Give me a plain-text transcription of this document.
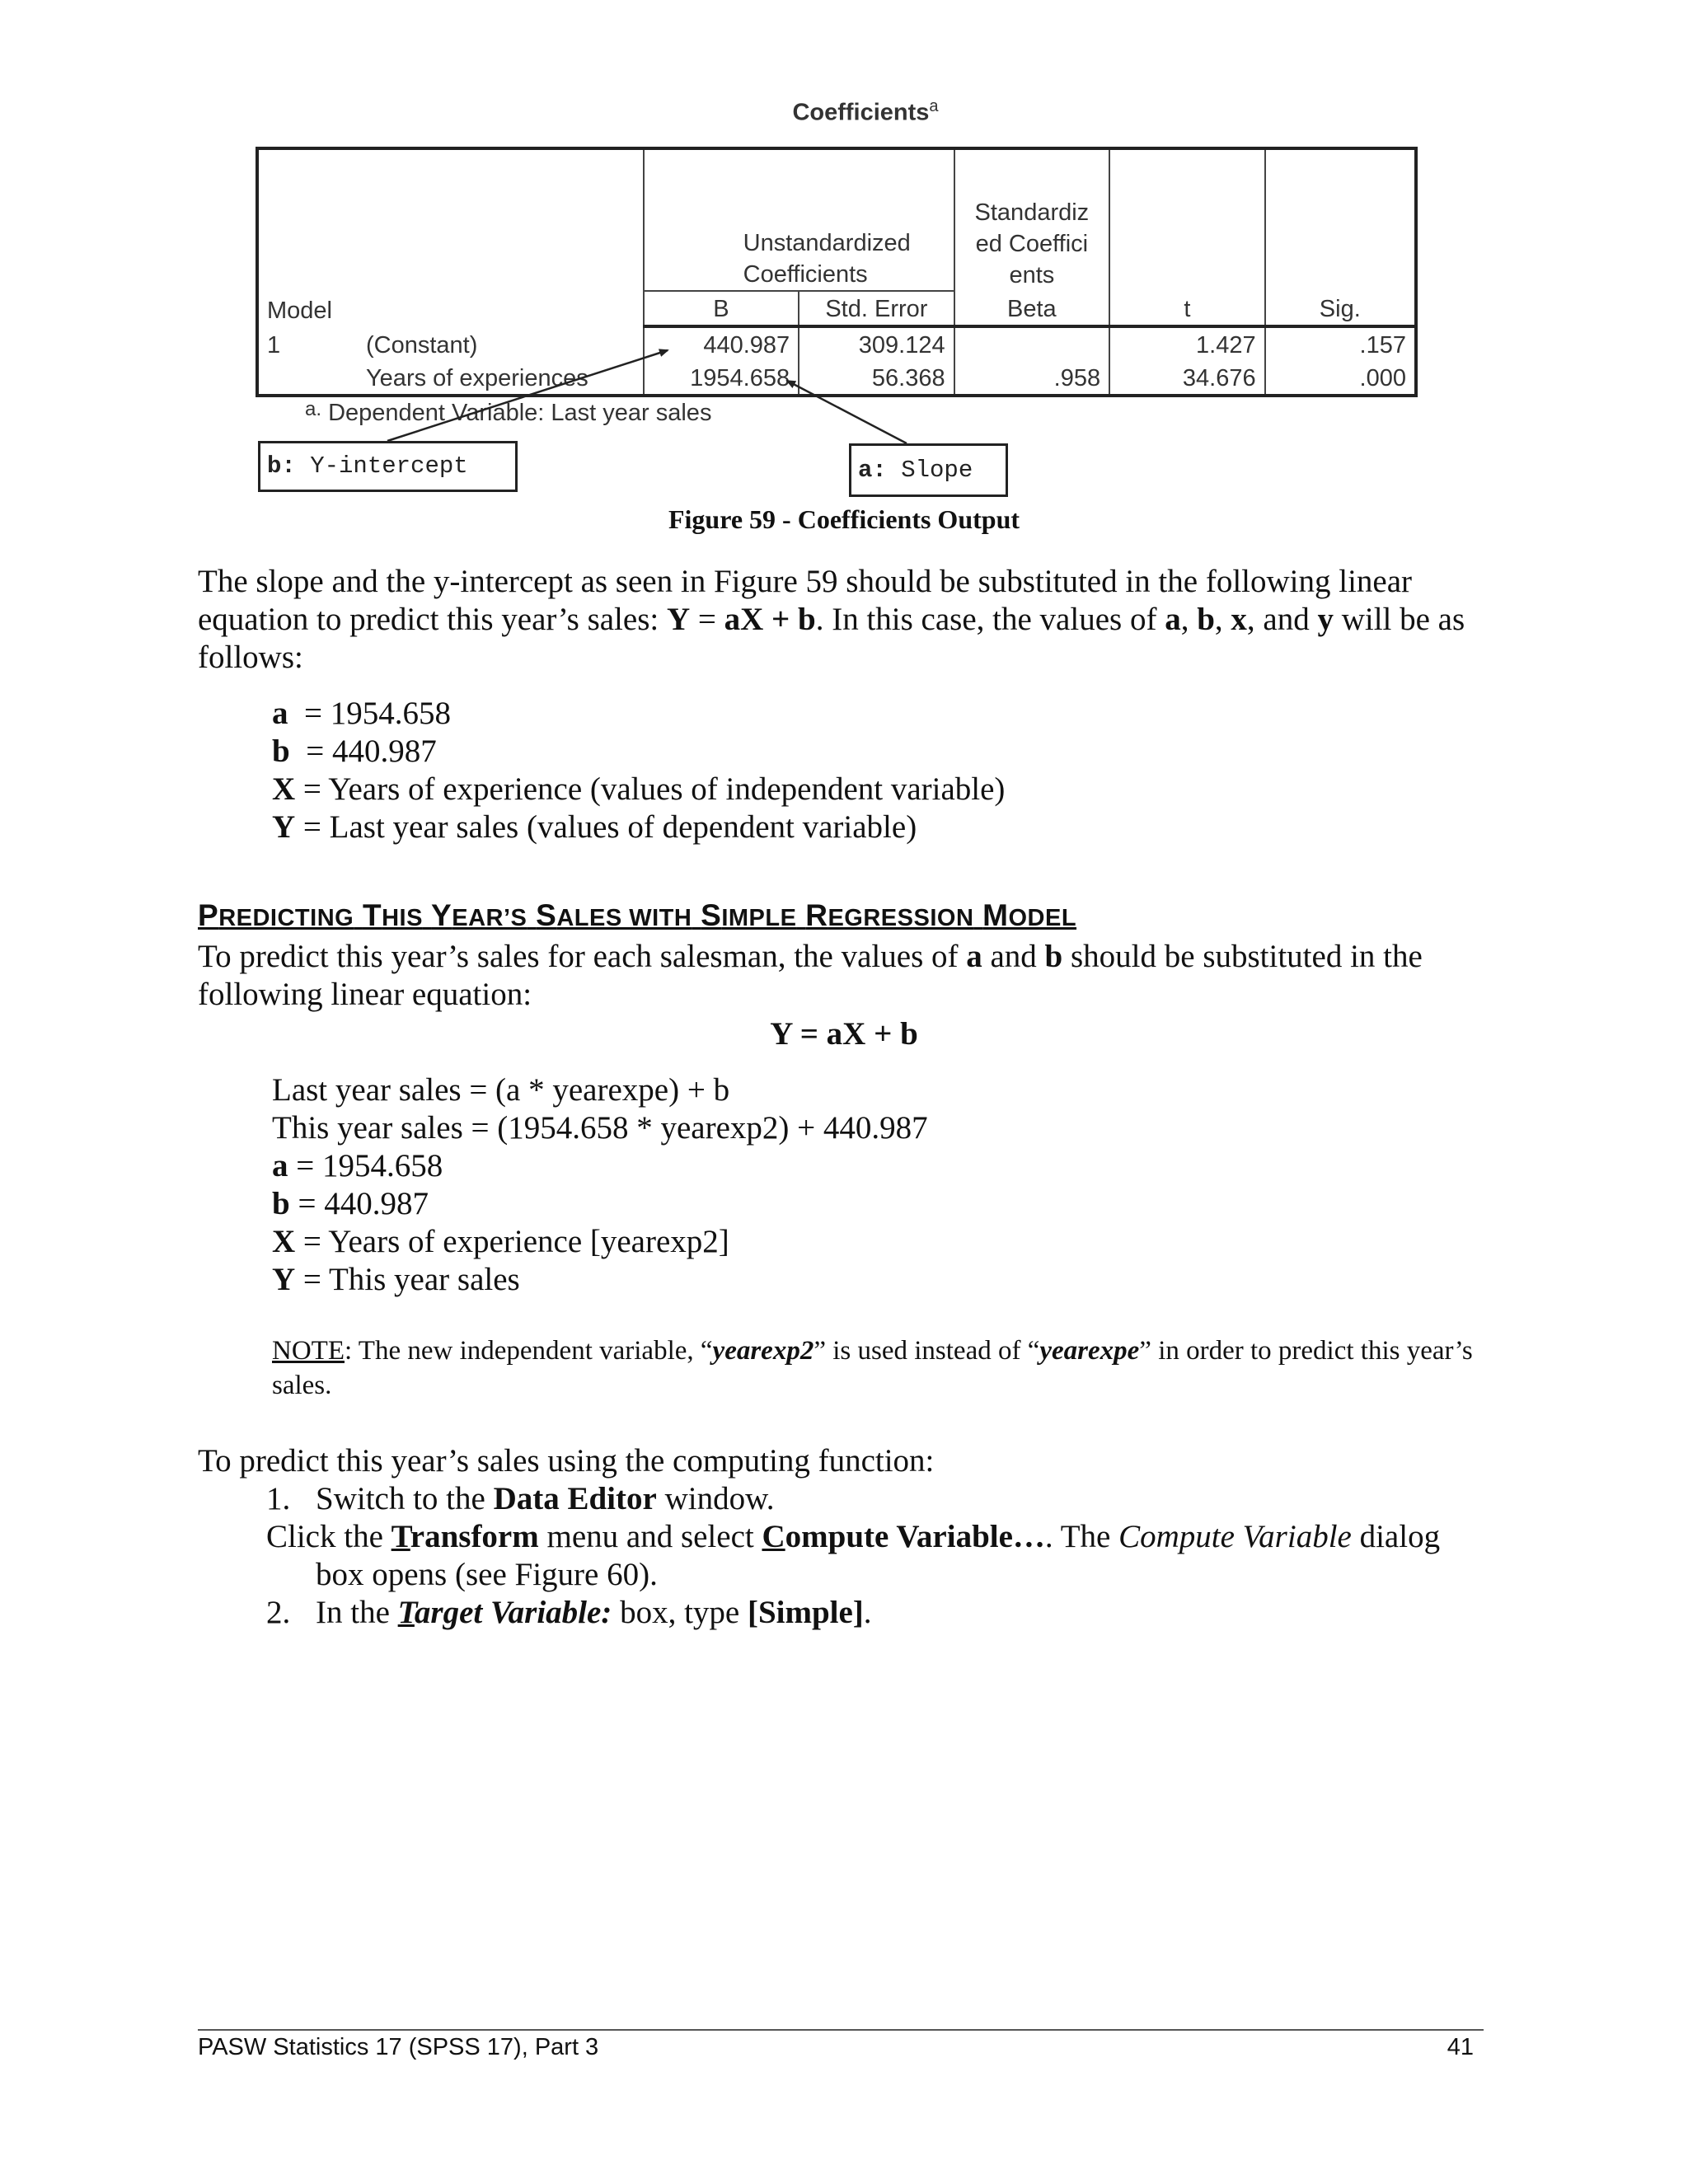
Coefficients$^a$
Model	Unstandardized Coefficients		Standardized Coefficients		
	B	Std. Error	Beta	t	Sig.
1 (Constant)	440.987	309.124		1.427	.157
Years of experiences	1954.658	56.368	.958	34.676	.000
$^{a.}$ Dependent Variable: Last year sales
b: Y-intercept	a: Slope
Figure 59 - Coefficients Output
The slope and the y-intercept as seen in Figure 59 should be substituted in the following linear equation to predict this year’s sales: Y = aX + b. In this case, the values of a, b, x, and y will be as follows:
a  = 1954.658
b  = 440.987
X = Years of experience (values of independent variable)
Y = Last year sales (values of dependent variable)
PREDICTING THIS YEAR’S SALES WITH SIMPLE REGRESSION MODEL
To predict this year’s sales for each salesman, the values of a and b should be substituted in the following linear equation:
Y = aX + b
Last year sales = (a * yearexpe) + b
This year sales = (1954.658 * yearexp2) + 440.987
a = 1954.658
b = 440.987
X = Years of experience [yearexp2]
Y = This year sales
NOTE: The new independent variable, “yearexp2” is used instead of “yearexpe” in order to predict this year’s sales.
To predict this year’s sales using the computing function:
1. Switch to the Data Editor window.
Click the Transform menu and select Compute Variable…. The Compute Variable dialog
box opens (see Figure 60).
2. In the Target Variable: box, type [Simple].
PASW Statistics 17 (SPSS 17), Part 3	41
